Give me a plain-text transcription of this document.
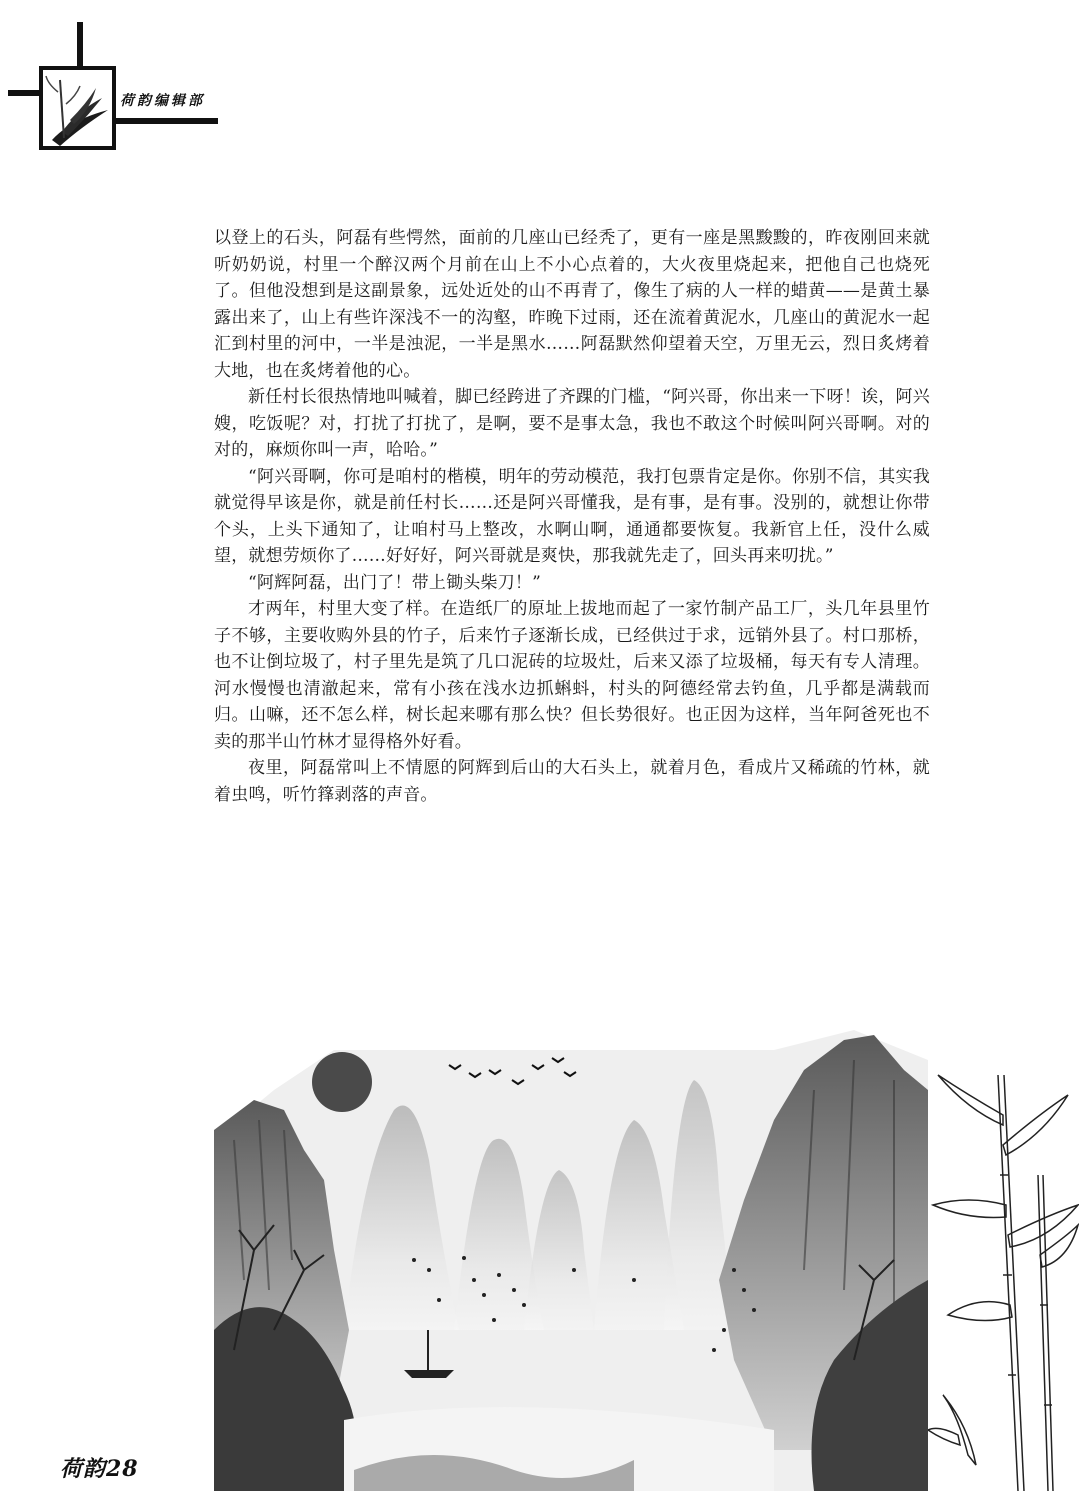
荷韵编辑部

以登上的石头，阿磊有些愕然，面前的几座山已经秃了，更有一座是黑黢黢的，昨夜刚回来就听奶奶说，村里一个醉汉两个月前在山上不小心点着的，大火夜里烧起来，把他自己也烧死了。但他没想到是这副景象，远处近处的山不再青了，像生了病的人一样的蜡黄——是黄土暴露出来了，山上有些许深浅不一的沟壑，昨晚下过雨，还在流着黄泥水，几座山的黄泥水一起汇到村里的河中，一半是浊泥，一半是黑水……阿磊默然仰望着天空，万里无云，烈日炙烤着大地，也在炙烤着他的心。

新任村长很热情地叫喊着，脚已经跨进了齐踝的门槛，“阿兴哥，你出来一下呀！诶，阿兴嫂，吃饭呢？对，打扰了打扰了，是啊，要不是事太急，我也不敢这个时候叫阿兴哥啊。对的对的，麻烦你叫一声，哈哈。”

“阿兴哥啊，你可是咱村的楷模，明年的劳动模范，我打包票肯定是你。你别不信，其实我就觉得早该是你，就是前任村长……还是阿兴哥懂我，是有事，是有事。没别的，就想让你带个头，上头下通知了，让咱村马上整改，水啊山啊，通通都要恢复。我新官上任，没什么威望，就想劳烦你了……好好好，阿兴哥就是爽快，那我就先走了，回头再来叨扰。”

“阿辉阿磊，出门了！带上锄头柴刀！”

才两年，村里大变了样。在造纸厂的原址上拔地而起了一家竹制产品工厂，头几年县里竹子不够，主要收购外县的竹子，后来竹子逐渐长成，已经供过于求，远销外县了。村口那桥，也不让倒垃圾了，村子里先是筑了几口泥砖的垃圾灶，后来又添了垃圾桶，每天有专人清理。河水慢慢也清澈起来，常有小孩在浅水边抓蝌蚪，村头的阿德经常去钓鱼，几乎都是满载而归。山嘛，还不怎么样，树长起来哪有那么快？但长势很好。也正因为这样，当年阿爸死也不卖的那半山竹林才显得格外好看。

夜里，阿磊常叫上不情愿的阿辉到后山的大石头上，就着月色，看成片又稀疏的竹林，就着虫鸣，听竹箨剥落的声音。

荷韵28
